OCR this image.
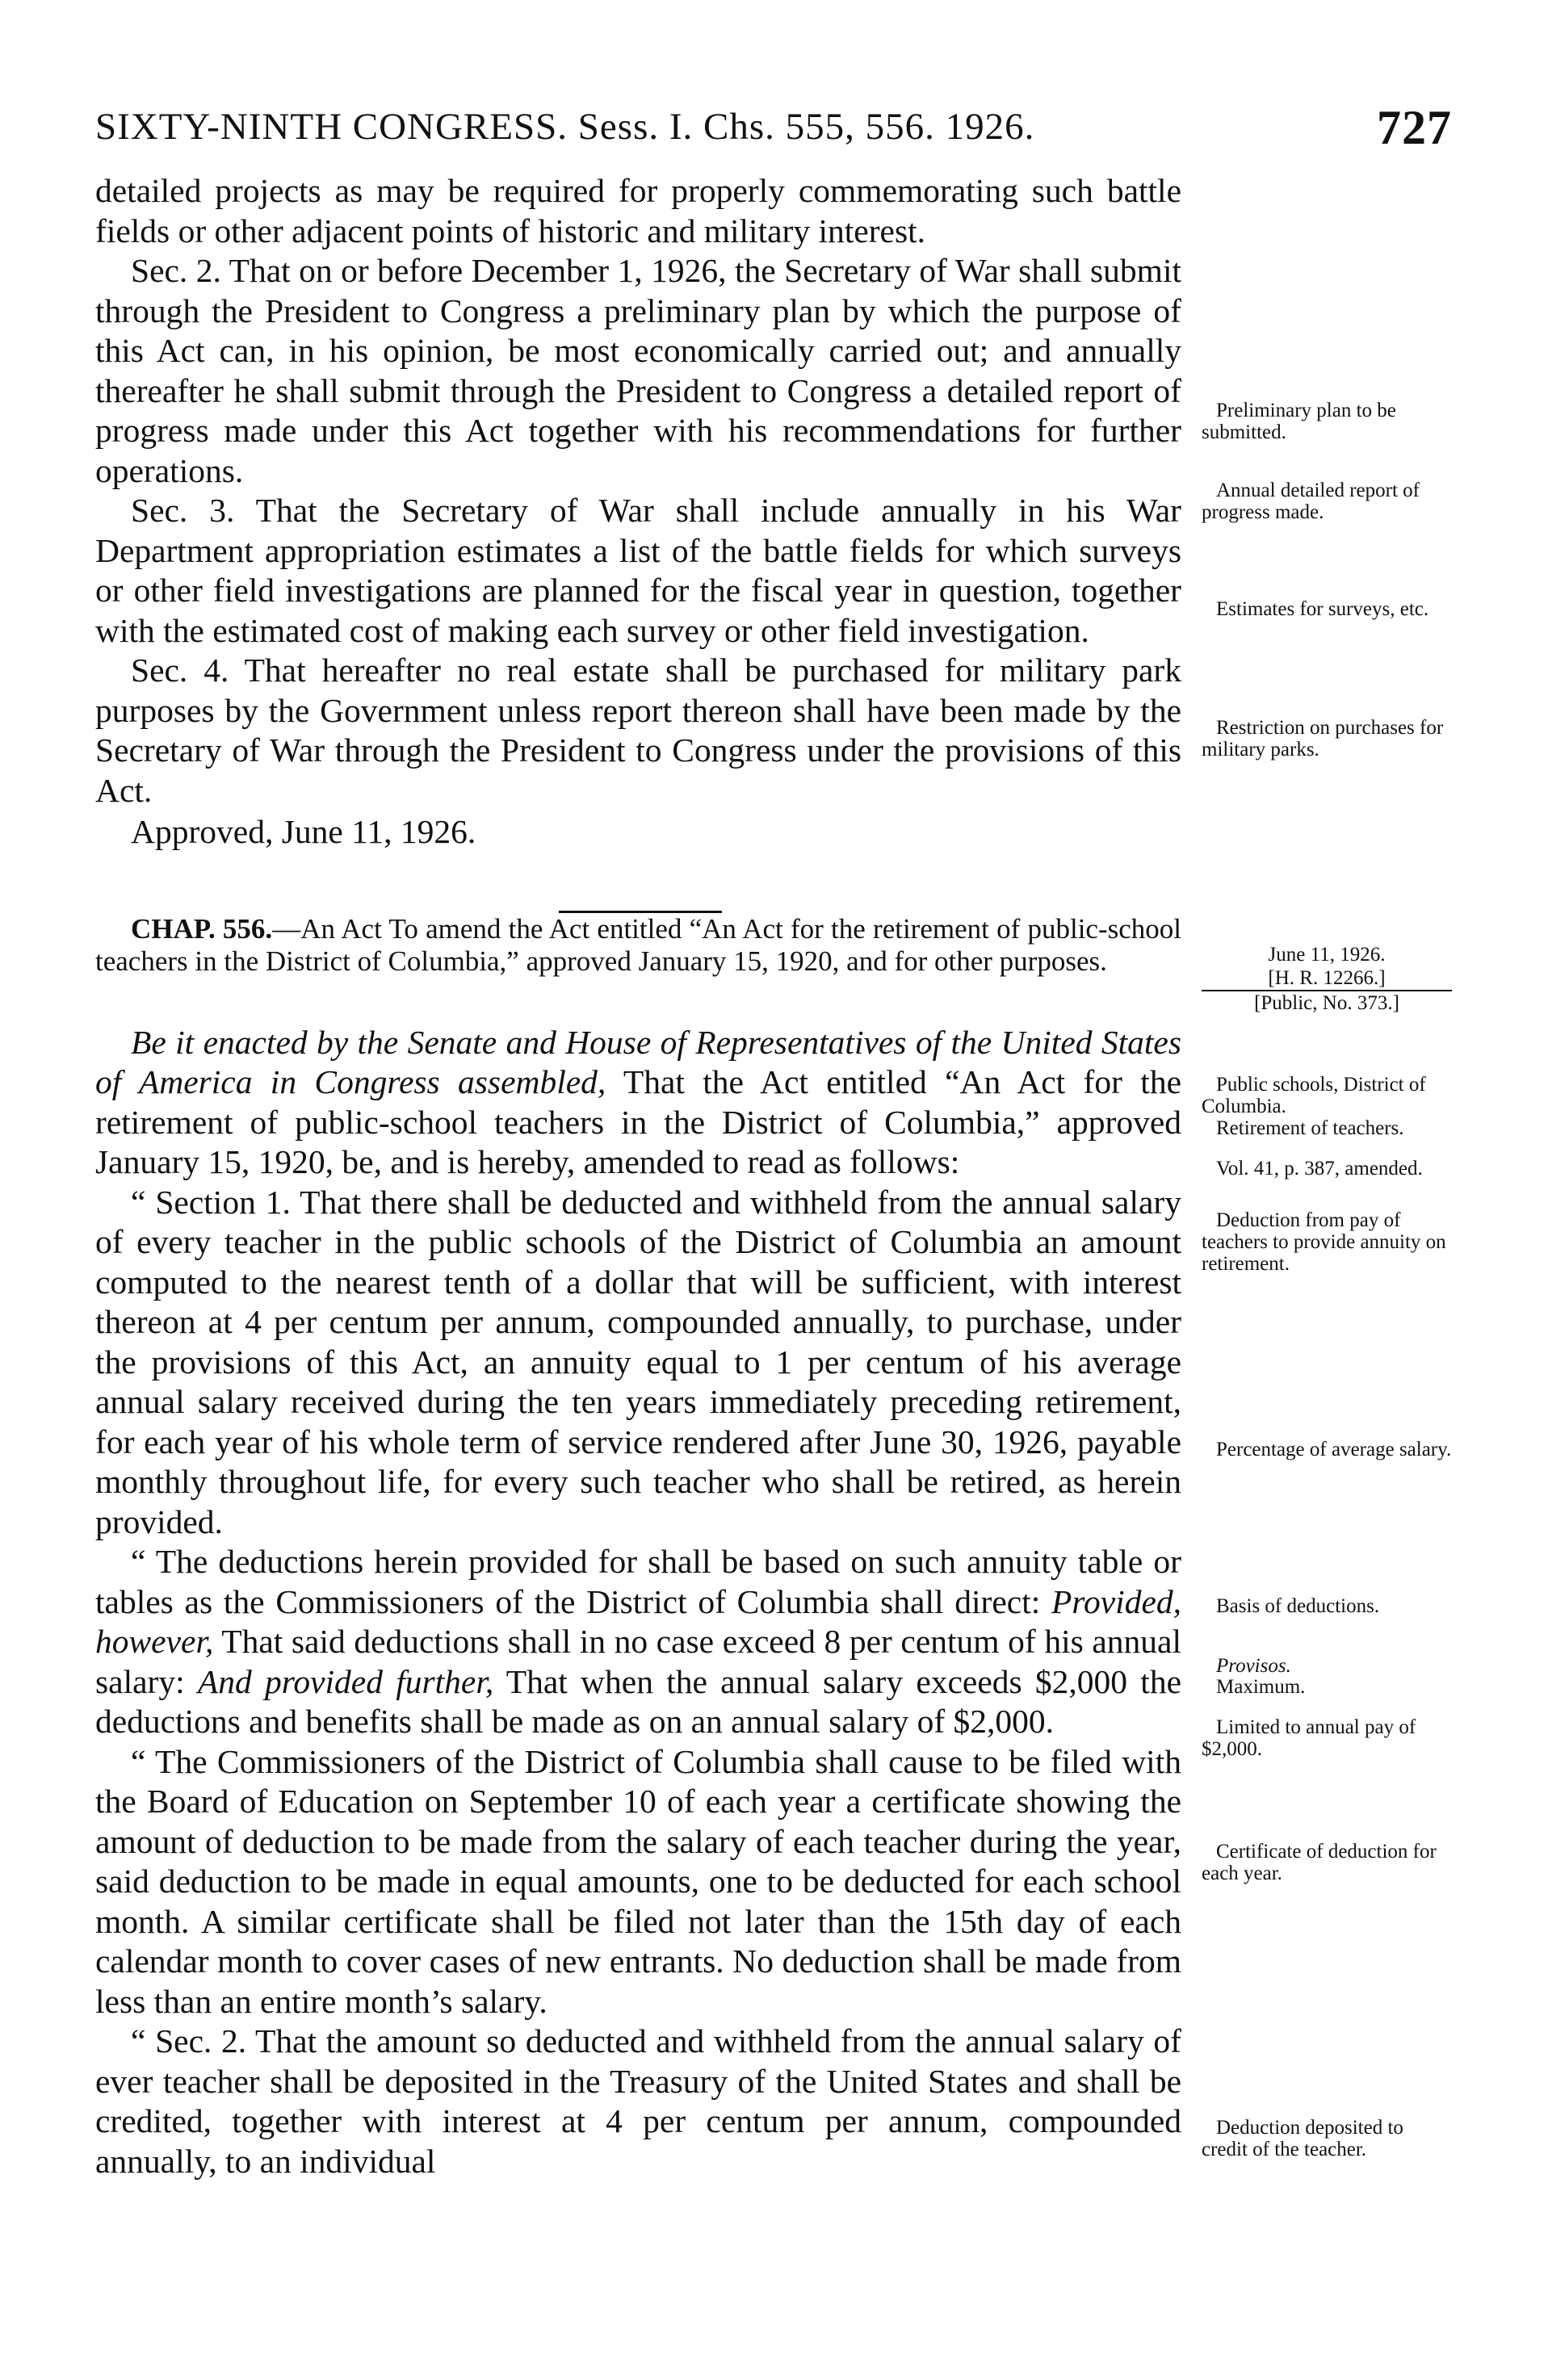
SIXTY-NINTH CONGRESS. Sess. I. Chs. 555, 556. 1926.	727

detailed projects as may be required for properly commemorating such battle fields or other adjacent points of historic and military interest.

Sec. 2. That on or before December 1, 1926, the Secretary of War shall submit through the President to Congress a preliminary plan by which the purpose of this Act can, in his opinion, be most economically carried out; and annually thereafter he shall submit through the President to Congress a detailed report of progress made under this Act together with his recommendations for further operations.

Sec. 3. That the Secretary of War shall include annually in his War Department appropriation estimates a list of the battle fields for which surveys or other field investigations are planned for the fiscal year in question, together with the estimated cost of making each survey or other field investigation.

Sec. 4. That hereafter no real estate shall be purchased for military park purposes by the Government unless report thereon shall have been made by the Secretary of War through the President to Congress under the provisions of this Act.

Approved, June 11, 1926.

CHAP. 556.—An Act To amend the Act entitled “An Act for the retirement of public-school teachers in the District of Columbia,” approved January 15, 1920, and for other purposes.

Be it enacted by the Senate and House of Representatives of the United States of America in Congress assembled, That the Act entitled “An Act for the retirement of public-school teachers in the District of Columbia,” approved January 15, 1920, be, and is hereby, amended to read as follows:

“ Section 1. That there shall be deducted and withheld from the annual salary of every teacher in the public schools of the District of Columbia an amount computed to the nearest tenth of a dollar that will be sufficient, with interest thereon at 4 per centum per annum, compounded annually, to purchase, under the provisions of this Act, an annuity equal to 1 per centum of his average annual salary received during the ten years immediately preceding retirement, for each year of his whole term of service rendered after June 30, 1926, payable monthly throughout life, for every such teacher who shall be retired, as herein provided.

“ The deductions herein provided for shall be based on such annuity table or tables as the Commissioners of the District of Columbia shall direct: Provided, however, That said deductions shall in no case exceed 8 per centum of his annual salary: And provided further, That when the annual salary exceeds $2,000 the deductions and benefits shall be made as on an annual salary of $2,000.

“ The Commissioners of the District of Columbia shall cause to be filed with the Board of Education on September 10 of each year a certificate showing the amount of deduction to be made from the salary of each teacher during the year, said deduction to be made in equal amounts, one to be deducted for each school month. A similar certificate shall be filed not later than the 15th day of each calendar month to cover cases of new entrants. No deduction shall be made from less than an entire month’s salary.

“ Sec. 2. That the amount so deducted and withheld from the annual salary of ever teacher shall be deposited in the Treasury of the United States and shall be credited, together with interest at 4 per centum per annum, compounded annually, to an individual

June 11, 1926.
[H. R. 12266.]
[Public, No. 373.]
Preliminary plan to be submitted.
Annual detailed report of progress made.
Estimates for surveys, etc.
Restriction on purchases for military parks.
Public schools, District of Columbia.
Retirement of teachers.
Vol. 41, p. 387, amended.
Deduction from pay of teachers to provide annuity on retirement.
Percentage of average salary.
Basis of deductions.
Provisos.
Maximum.
Limited to annual pay of $2,000.
Certificate of deduction for each year.
Deduction deposited to credit of the teacher.
